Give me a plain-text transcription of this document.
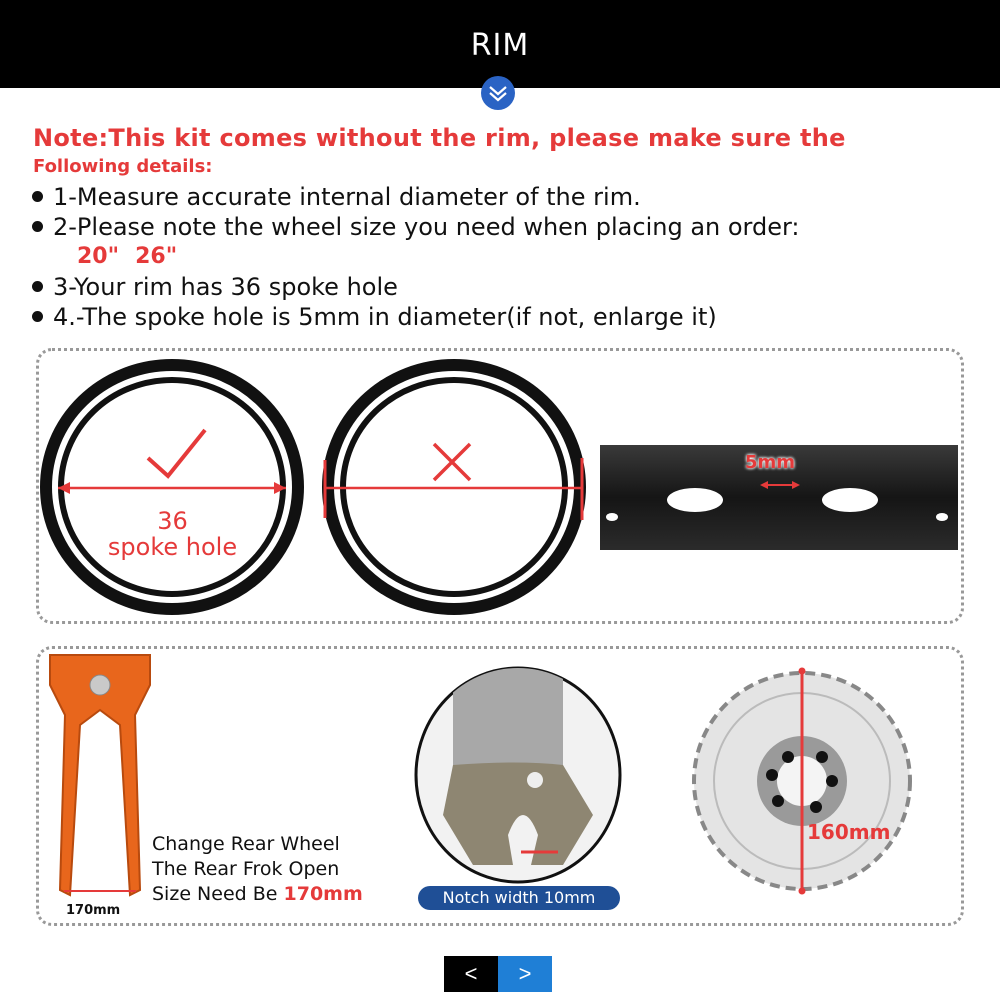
RIM
Note:This kit comes without the rim, please make sure the
Following details:
1-Measure accurate internal diameter of the rim.
2-Please note the wheel size you need when placing an order:
20" 26"
3-Your rim has 36 spoke hole
4.-The spoke hole is 5mm in diameter(if not, enlarge it)
36
spoke hole
5mm
170mm
Change Rear Wheel
The Rear Frok Open
Size Need Be 170mm	Notch width 10mm
160mm
<	>
